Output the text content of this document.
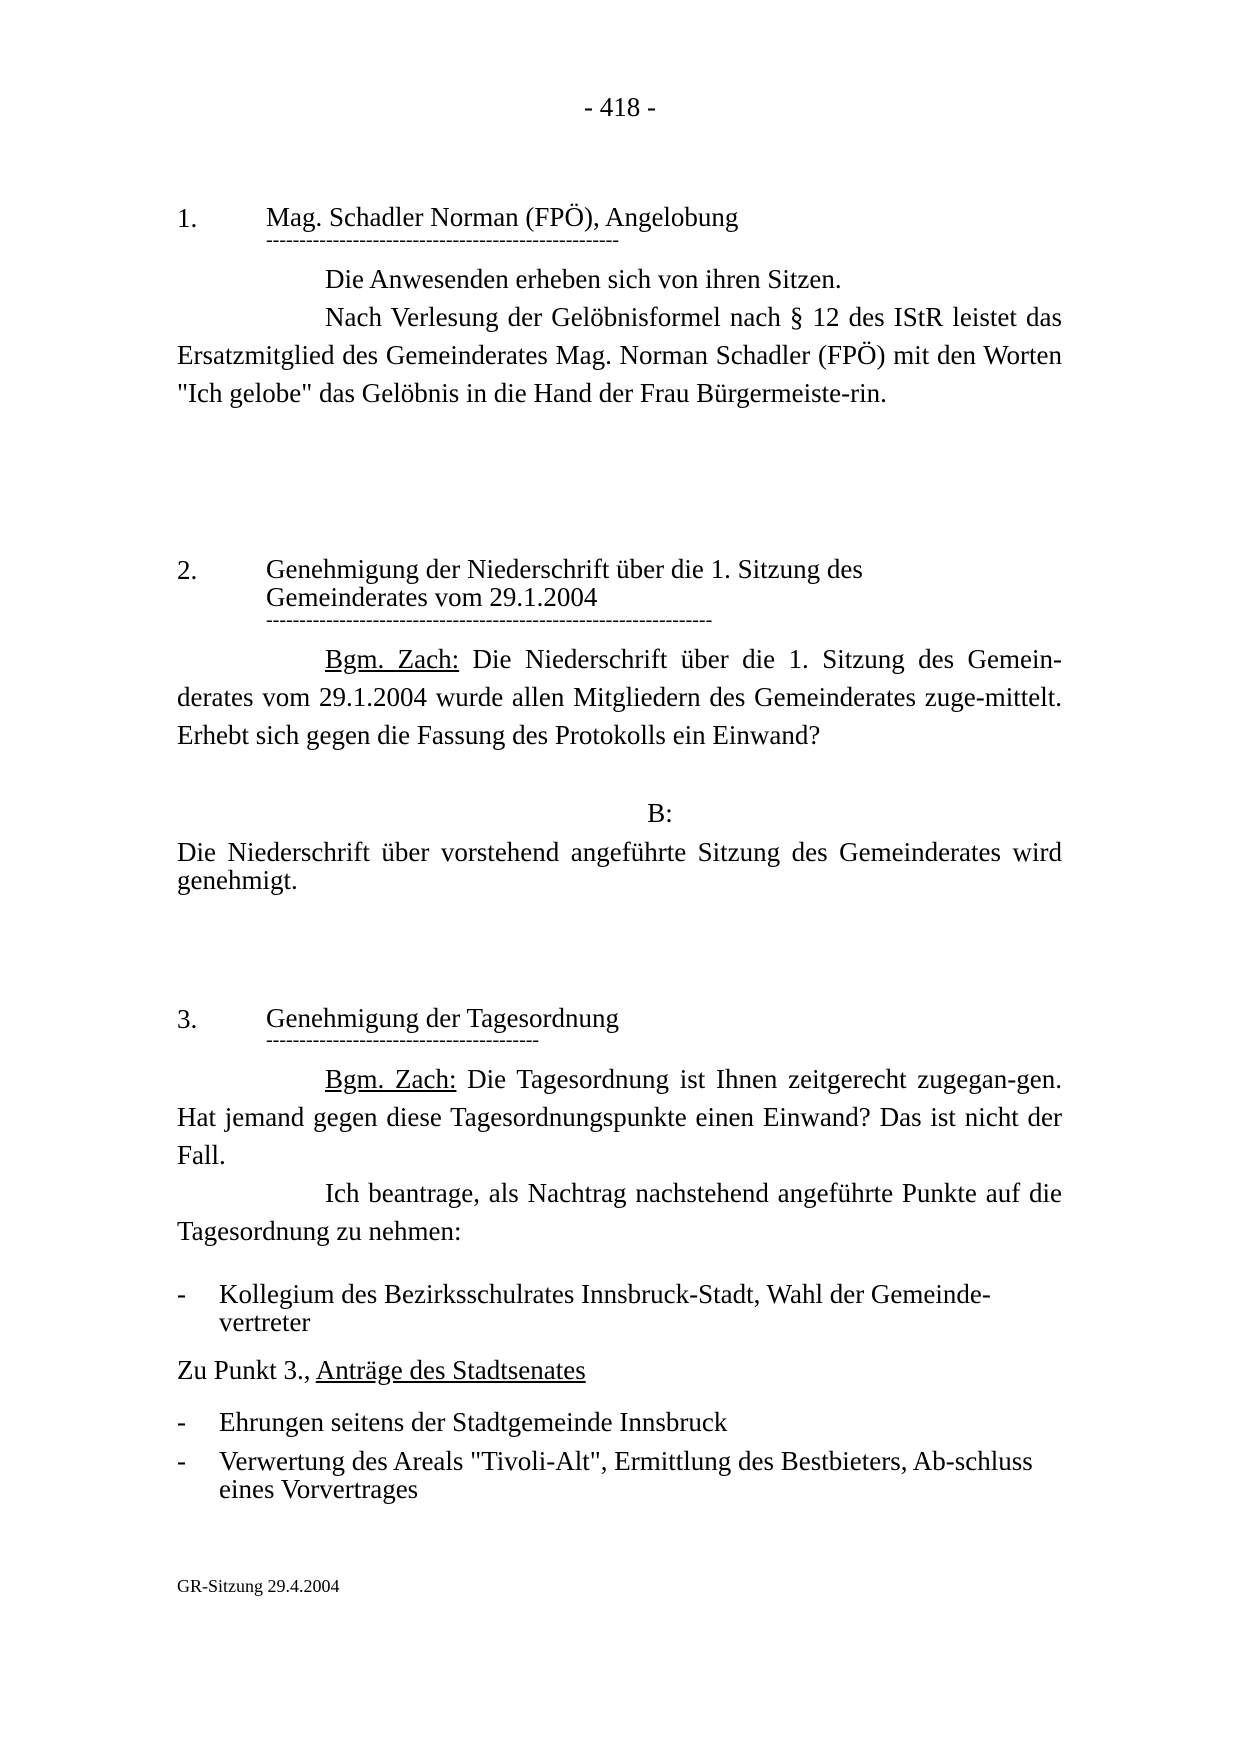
- 418 -
1.	Mag. Schadler Norman (FPÖ), Angelobung
-----------------------------------------------------
Die Anwesenden erheben sich von ihren Sitzen.
Nach Verlesung der Gelöbnisformel nach § 12 des IStR leistet das Ersatzmitglied des Gemeinderates Mag. Norman Schadler (FPÖ) mit den Worten "Ich gelobe" das Gelöbnis in die Hand der Frau Bürgermeiste-rin.
2.	Genehmigung der Niederschrift über die 1. Sitzung des
Gemeinderates vom 29.1.2004
-------------------------------------------------------------------
Bgm. Zach: Die Niederschrift über die 1. Sitzung des Gemein-derates vom 29.1.2004 wurde allen Mitgliedern des Gemeinderates zuge-mittelt. Erhebt sich gegen die Fassung des Protokolls ein Einwand?
B:
Die Niederschrift über vorstehend angeführte Sitzung des Gemeinderates wird genehmigt.
3.	Genehmigung der Tagesordnung
-----------------------------------------
Bgm. Zach: Die Tagesordnung ist Ihnen zeitgerecht zugegan-gen. Hat jemand gegen diese Tagesordnungspunkte einen Einwand? Das ist nicht der Fall.
Ich beantrage, als Nachtrag nachstehend angeführte Punkte auf die Tagesordnung zu nehmen:
-	Kollegium des Bezirksschulrates Innsbruck-Stadt, Wahl der Gemeinde-vertreter
Zu Punkt 3., Anträge des Stadtsenates
-	Ehrungen seitens der Stadtgemeinde Innsbruck
-	Verwertung des Areals "Tivoli-Alt", Ermittlung des Bestbieters, Ab-schluss eines Vorvertrages
GR-Sitzung 29.4.2004
